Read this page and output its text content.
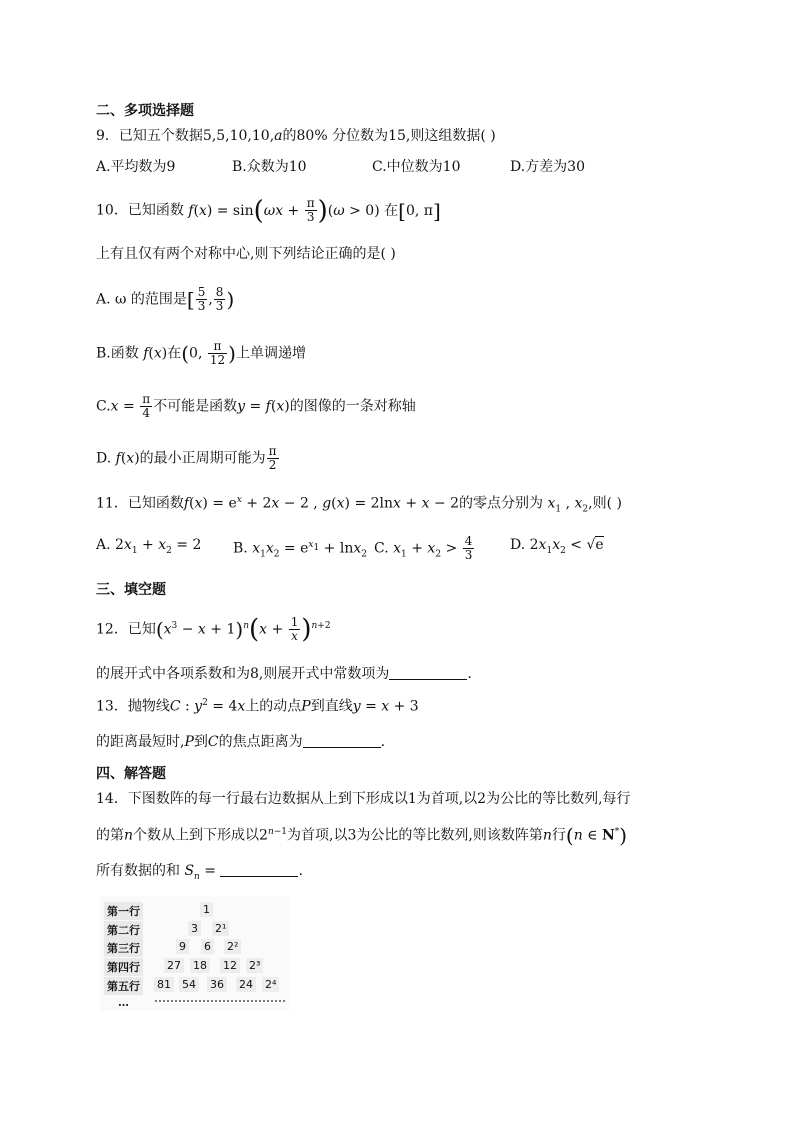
二、多项选择题
9．已知五个数据5,5,10,10,a的80% 分位数为15,则这组数据( )
A.平均数为9	B.众数为10	C.中位数为10	D.方差为30
10．已知函数 $f(x) = \sin(\omega x + \frac{\pi}{3} )(\omega > 0)$ 在[0, π]
上有且仅有两个对称中心,则下列结论正确的是( )
A. ω 的范围是[ $\frac{5}{3}$ , $\frac{8}{3}$ )
B.函数 f(x)在(0, $\frac{\pi}{12}$ )上单调递增
$C.x = \frac{\pi}{4}$ 不可能是函数y = f(x)的图像的一条对称轴
D. f(x)的最小正周期可能为 $\frac{\pi}{2}$
11．已知函数$f(x) = e^x + 2x - 2$ , g(x) = 2lnx + x − 2的零点分别为 $x_1$ , $x_2$,则( )
A. $2x_1 + x_2 = 2$ B. $x_1x_2 = e^{x_1} + \ln x_2$ C. $x_1 + x_2 > \frac{4}{3}$	D. $2x_1x_2 < √e$
三、填空题
12．已知$(x^3 - x + 1)^n(x + \frac{1}{x} )^{n+2}$
的展开式中各项系数和为8,则展开式中常数项为	.
13．抛物线C : $y^2 = 4x$上的动点P到直线y = x + 3
的距离最短时,P到C的焦点距离为	.
四、解答题
14．下图数阵的每一行最右边数据从上到下形成以1为首项,以2为公比的等比数列,每行
的第n个数从上到下形成以$2^{n-1}$为首项,以3为公比的等比数列,则该数阵第n行(n ∈ N*)
所有数据的和 $S_n$ =	.
第一行	1
第二行	3 2¹
第三行	9 6 2²
第四行 27 18 12 2³
第五行 81 54 36 24 2⁴
…
